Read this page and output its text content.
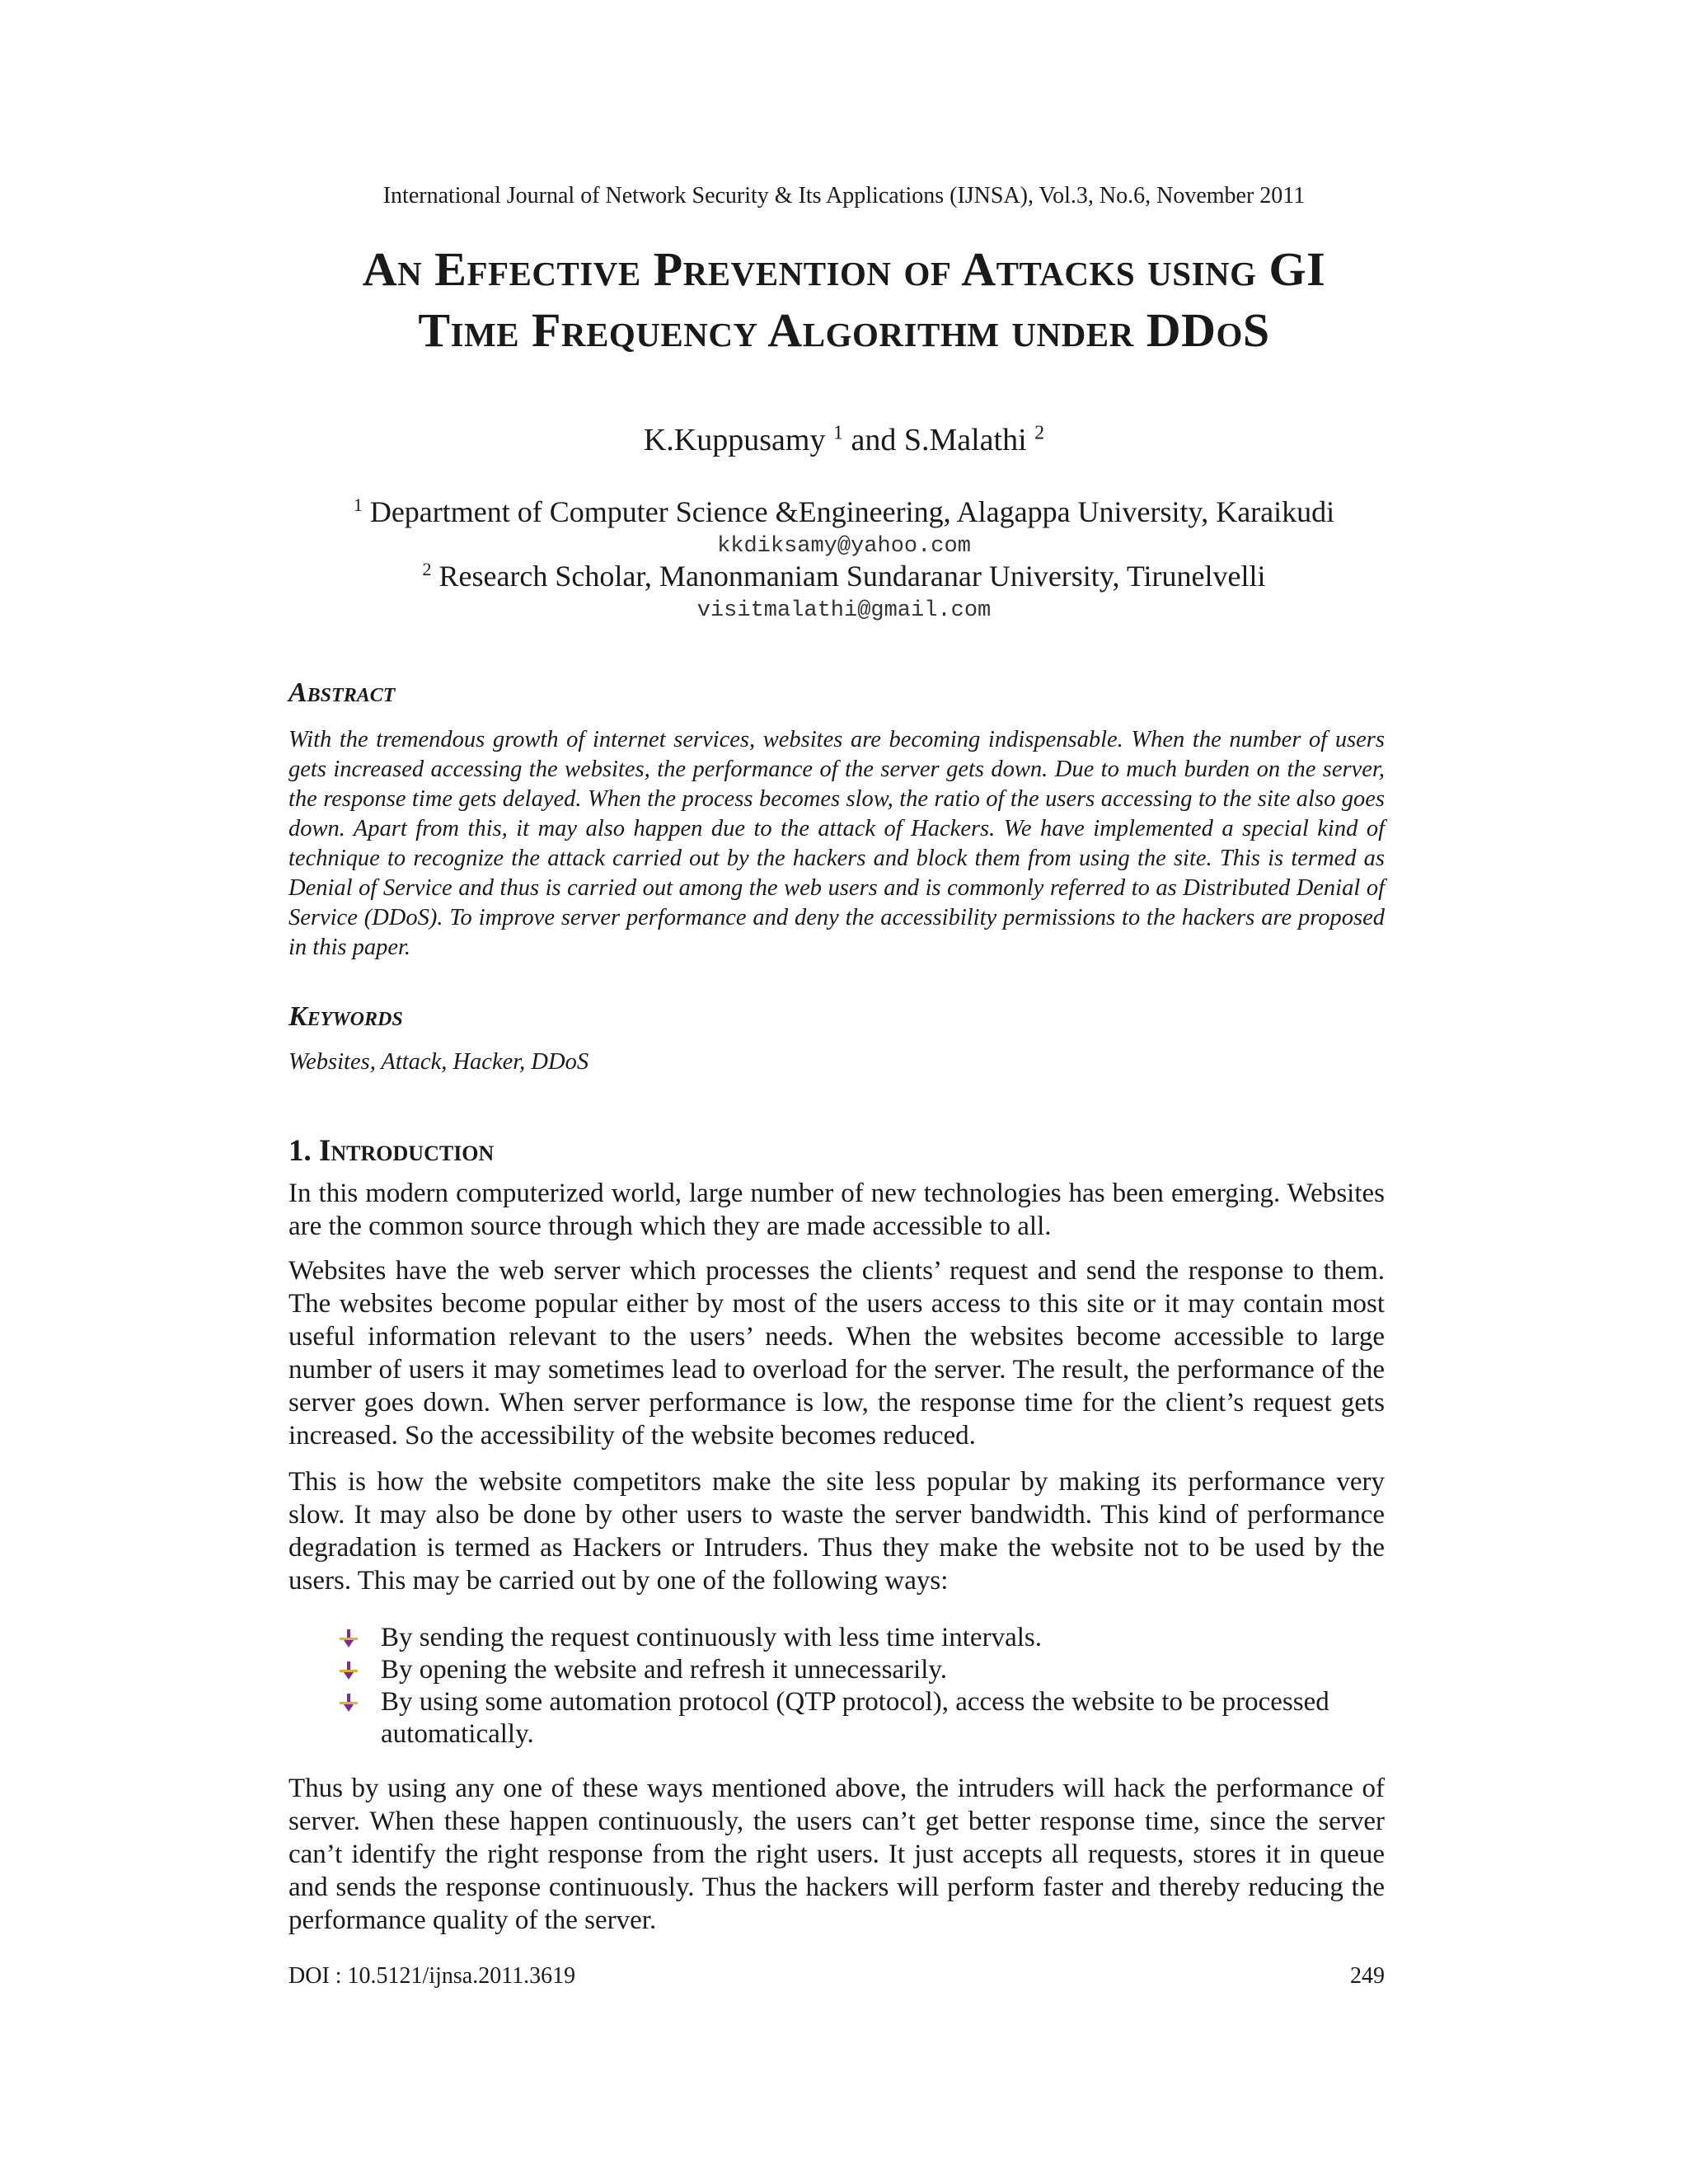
International Journal of Network Security & Its Applications (IJNSA), Vol.3, No.6, November 2011
An Effective Prevention of Attacks using GI
Time Frequency Algorithm under DDoS
K.Kuppusamy $^1$ and S.Malathi $^2$
$^1$ Department of Computer Science &Engineering, Alagappa University, Karaikudi
kkdiksamy@yahoo.com
$^2$ Research Scholar, Manonmaniam Sundaranar University, Tirunelvelli
visitmalathi@gmail.com
Abstract
With the tremendous growth of internet services, websites are becoming indispensable. When the number of users gets increased accessing the websites, the performance of the server gets down. Due to much burden on the server, the response time gets delayed. When the process becomes slow, the ratio of the users accessing to the site also goes down. Apart from this, it may also happen due to the attack of Hackers. We have implemented a special kind of technique to recognize the attack carried out by the hackers and block them from using the site. This is termed as Denial of Service and thus is carried out among the web users and is commonly referred to as Distributed Denial of Service (DDoS). To improve server performance and deny the accessibility permissions to the hackers are proposed in this paper.
Keywords
Websites, Attack, Hacker, DDoS
1. Introduction
In this modern computerized world, large number of new technologies has been emerging. Websites are the common source through which they are made accessible to all.
Websites have the web server which processes the clients’ request and send the response to them. The websites become popular either by most of the users access to this site or it may contain most useful information relevant to the users’ needs. When the websites become accessible to large number of users it may sometimes lead to overload for the server. The result, the performance of the server goes down. When server performance is low, the response time for the client’s request gets increased. So the accessibility of the website becomes reduced.
This is how the website competitors make the site less popular by making its performance very slow. It may also be done by other users to waste the server bandwidth. This kind of performance degradation is termed as Hackers or Intruders. Thus they make the website not to be used by the users. This may be carried out by one of the following ways:
By sending the request continuously with less time intervals.
By opening the website and refresh it unnecessarily.
By using some automation protocol (QTP protocol), access the website to be processed automatically.
Thus by using any one of these ways mentioned above, the intruders will hack the performance of server. When these happen continuously, the users can’t get better response time, since the server can’t identify the right response from the right users. It just accepts all requests, stores it in queue and sends the response continuously. Thus the hackers will perform faster and thereby reducing the performance quality of the server.
DOI : 10.5121/ijnsa.2011.3619	249
